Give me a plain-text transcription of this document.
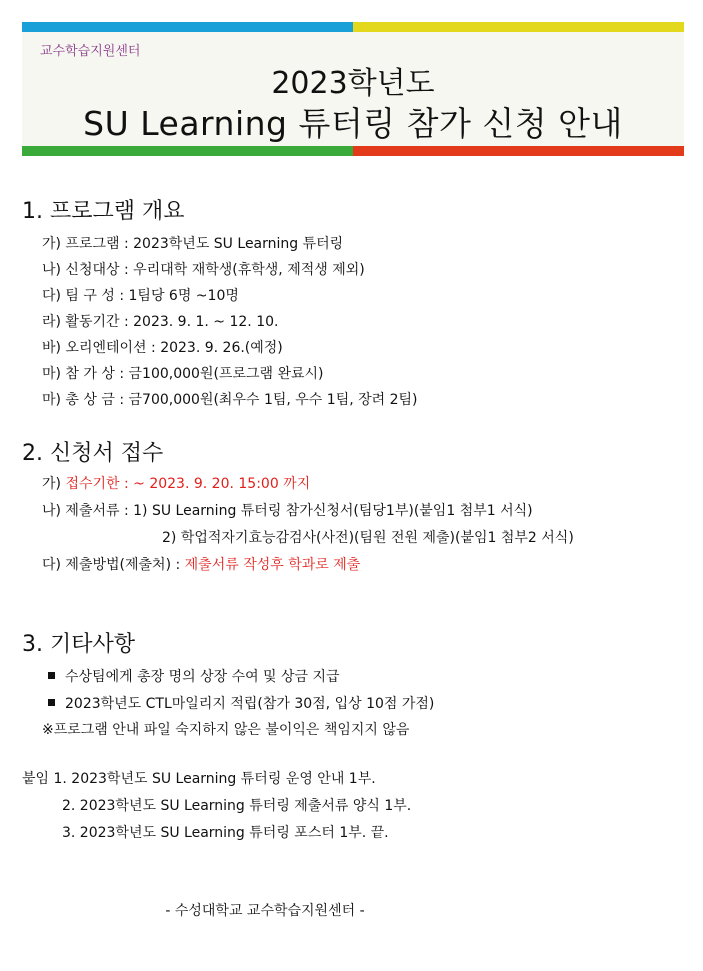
교수학습지원센터
2023학년도
SU Learning 튜터링 참가 신청 안내
1. 프로그램 개요
가) 프로그램 : 2023학년도 SU Learning 튜터링
나) 신청대상 : 우리대학 재학생(휴학생, 제적생 제외)
다) 팀 구 성 : 1팀당 6명 ~10명
라) 활동기간 : 2023. 9. 1. ~ 12. 10.
바) 오리엔테이션 : 2023. 9. 26.(예정)
마) 참 가 상 : 금100,000원(프로그램 완료시)
마) 총 상 금 : 금700,000원(최우수 1팀, 우수 1팀, 장려 2팀)
2. 신청서 접수
가) 접수기한 : ~ 2023. 9. 20. 15:00 까지
나) 제출서류 : 1) SU Learning 튜터링 참가신청서(팀당1부)(붙임1 첨부1 서식)
2) 학업적자기효능감검사(사전)(팀원 전원 제출)(붙임1 첨부2 서식)
다) 제출방법(제출처) : 제출서류 작성후 학과로 제출
3. 기타사항
수상팀에게 총장 명의 상장 수여 및 상금 지급
2023학년도 CTL마일리지 적립(참가 30점, 입상 10점 가점)
※프로그램 안내 파일 숙지하지 않은 불이익은 책임지지 않음
붙임 1. 2023학년도 SU Learning 튜터링 운영 안내 1부.
2. 2023학년도 SU Learning 튜터링 제출서류 양식 1부.
3. 2023학년도 SU Learning 튜터링 포스터 1부. 끝.
- 수성대학교 교수학습지원센터 -
